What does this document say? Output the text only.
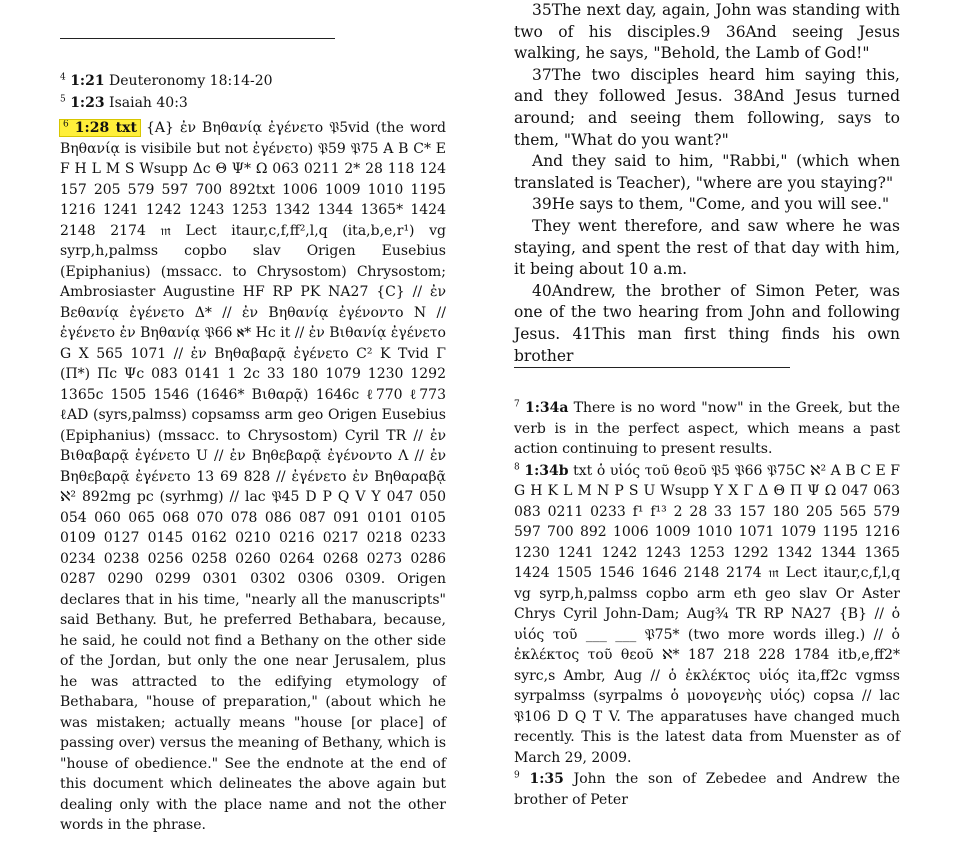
$^4$ 1:21 Deuteronomy 18:14-20

$^5$ 1:23 Isaiah 40:3

$^6$ 1:28 txt {A} ἐν Βηθανίᾳ ἐγένετο 𝔓5vid (the word Βηθανίᾳ is visibile but not ἐγένετο) 𝔓59 𝔓75 A B C* E F H L M S Wsupp Δc Θ Ψ* Ω 063 0211 2* 28 118 124 157 205 579 597 700 892txt 1006 1009 1010 1195 1216 1241 1242 1243 1253 1342 1344 1365* 1424 2148 2174 𝔪 Lect itaur,c,f,ff²,l,q (ita,b,e,r¹) vg syrp,h,palmss copbo slav Origen Eusebius (Epiphanius) (mssacc. to Chrysostom) Chrysostom; Ambrosiaster Augustine HF RP PK NA27 {C} // ἐν Βεθανίᾳ ἐγένετο Δ* // ἐν Βηθανίᾳ ἐγένοντο N // ἐγένετο ἐν Βηθανίᾳ 𝔓66 ℵ* Hc it // ἐν Βιθανίᾳ ἐγένετο G X 565 1071 // ἐν Βηθαβαρᾷ ἐγένετο C² K Tvid Γ (Π*) Πc Ψc 083 0141 1 2c 33 180 1079 1230 1292 1365c 1505 1546 (1646* Βιθαρᾷ) 1646c ℓ770 ℓ773 ℓAD (syrs,palmss) copsamss arm geo Origen Eusebius (Epiphanius) (mssacc. to Chrysostom) Cyril TR // ἐν Βιθαβαρᾷ ἐγένετο U // ἐν Βηθεβαρᾷ ἐγένοντο Λ // ἐν Βηθεβαρᾷ ἐγένετο 13 69 828 // ἐγένετο ἐν Βηθαραβᾷ ℵ² 892mg pc (syrhmg) // lac 𝔓45 D P Q V Y 047 050 054 060 065 068 070 078 086 087 091 0101 0105 0109 0127 0145 0162 0210 0216 0217 0218 0233 0234 0238 0256 0258 0260 0264 0268 0273 0286 0287 0290 0299 0301 0302 0306 0309. Origen declares that in his time, "nearly all the manuscripts" said Bethany. But, he preferred Bethabara, because, he said, he could not find a Bethany on the other side of the Jordan, but only the one near Jerusalem, plus he was attracted to the edifying etymology of Bethabara, "house of preparation," (about which he was mistaken; actually means "house [or place] of passing over) versus the meaning of Bethany, which is "house of obedience." See the endnote at the end of this document which delineates the above again but dealing only with the place name and not the other words in the phrase.

35The next day, again, John was standing with two of his disciples.9 36And seeing Jesus walking, he says, "Behold, the Lamb of God!"

37The two disciples heard him saying this, and they followed Jesus. 38And Jesus turned around; and seeing them following, says to them, "What do you want?"

And they said to him, "Rabbi," (which when translated is Teacher), "where are you staying?"

39He says to them, "Come, and you will see."

They went therefore, and saw where he was staying, and spent the rest of that day with him, it being about 10 a.m.

40Andrew, the brother of Simon Peter, was one of the two hearing from John and following Jesus. 41This man first thing finds his own brother

$^7$ 1:34a There is no word "now" in the Greek, but the verb is in the perfect aspect, which means a past action continuing to present results.

$^8$ 1:34b txt ὁ υἱός τοῦ θεοῦ 𝔓5 𝔓66 𝔓75C ℵ² A B C E F G H K L M N P S U Wsupp Y Χ Γ Δ Θ Π Ψ Ω 047 063 083 0211 0233 f¹ f¹³ 2 28 33 157 180 205 565 579 597 700 892 1006 1009 1010 1071 1079 1195 1216 1230 1241 1242 1243 1253 1292 1342 1344 1365 1424 1505 1546 1646 2148 2174 𝔪 Lect itaur,c,f,l,q vg syrp,h,palmss copbo arm eth geo slav Or Aster Chrys Cyril John-Dam; Aug¾ TR RP NA27 {B} // ὁ υἱός τοῦ ___ ___ 𝔓75* (two more words illeg.) // ὁ ἐκλέκτος τοῦ θεοῦ ℵ* 187 218 228 1784 itb,e,ff2* syrc,s Ambr, Aug // ὁ ἐκλέκτος υἱός ita,ff2c vgmss syrpalmss (syrpalms ὁ μονογενὴς υἱός) copsa // lac 𝔓106 D Q T V. The apparatuses have changed much recently. This is the latest data from Muenster as of March 29, 2009.

$^9$ 1:35 John the son of Zebedee and Andrew the brother of Peter
